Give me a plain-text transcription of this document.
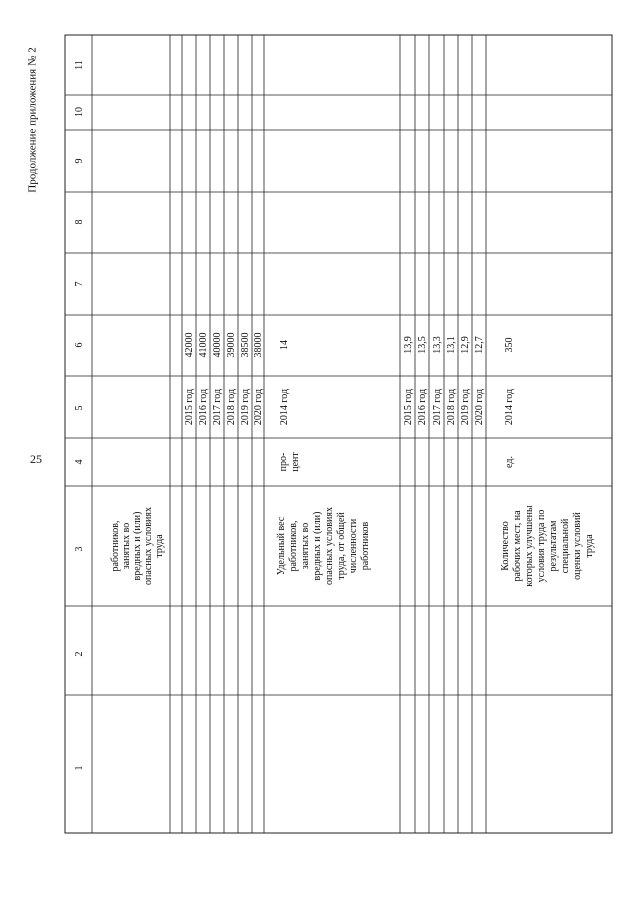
25
Продолжение приложения № 2
1
2
3
4
5
6
7
8
9
10
11
работников, занятых во вредных и (или) опасных условиях труда
2015 год
42000
2016 год
41000
2017 год
40000
2018 год
39000
2019 год
38500
2020 год
38000
Удельный вес работников, занятых во вредных и (или) опасных условиях труда, от общей численности работников
про- цент
2014 год
14
2015 год
13,9
2016 год
13,5
2017 год
13,3
2018 год
13,1
2019 год
12,9
2020 год
12,7
Количество рабочих мест, на которых улучшены условия труда по результатам специальной оценки условий труда
ед.
2014 год
350
